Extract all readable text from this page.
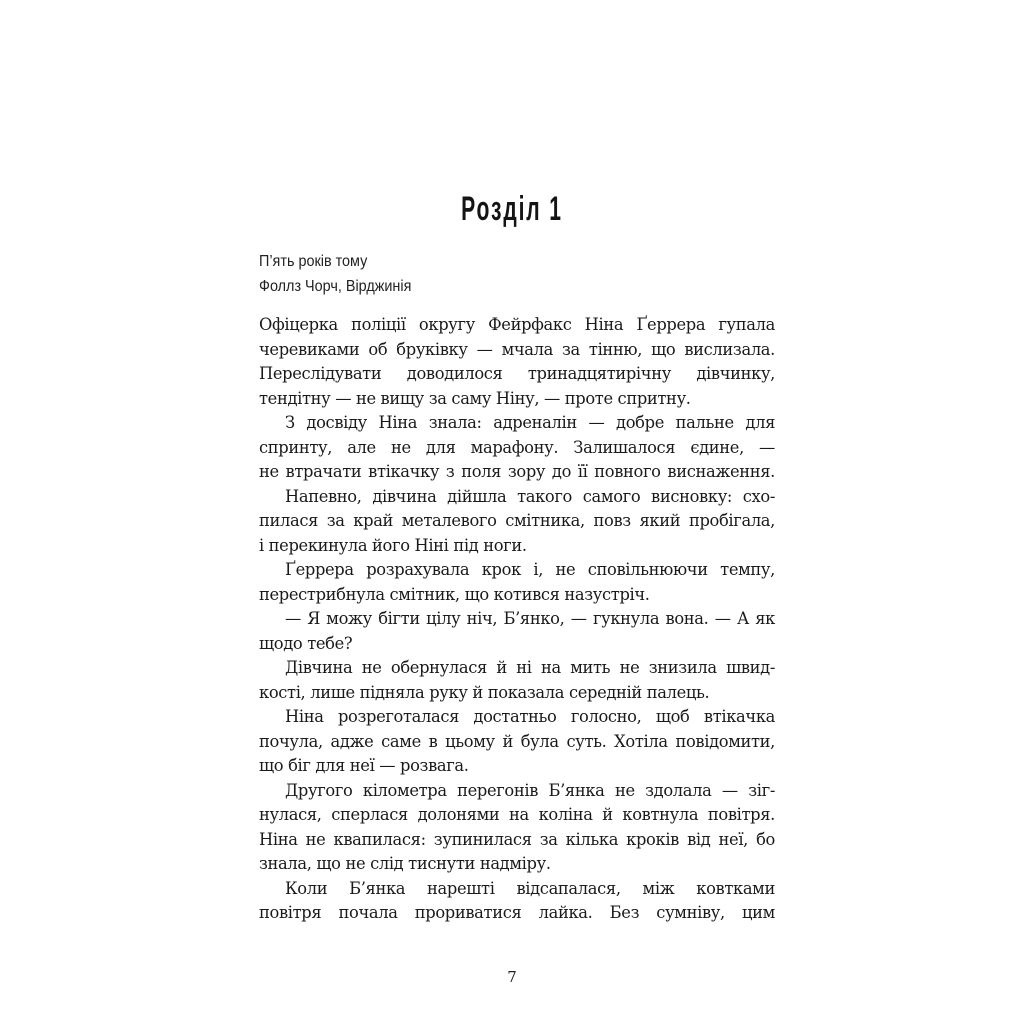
Розділ 1
П’ять років тому
Фоллз Чорч, Вірджинія
Офіцерка поліції округу Фейрфакс Ніна Ґеррера гупала
черевиками об бруківку — мчала за тінню, що вислизала.
Переслідувати доводилося тринадцятирічну дівчинку,
тендітну — не вищу за саму Ніну, — проте спритну.
З досвіду Ніна знала: адреналін — добре пальне для
спринту, але не для марафону. Залишалося єдине, —
не втрачати втікачку з поля зору до її повного виснаження.
Напевно, дівчина дійшла такого самого висновку: схо-
пилася за край металевого смітника, повз який пробігала,
і перекинула його Ніні під ноги.
Ґеррера розрахувала крок і, не сповільнюючи темпу,
перестрибнула смітник, що котився назустріч.
— Я можу бігти цілу ніч, Б’янко, — гукнула вона. — А як
щодо тебе?
Дівчина не обернулася й ні на мить не знизила швид-
кості, лише підняла руку й показала середній палець.
Ніна розреготалася достатньо голосно, щоб втікачка
почула, адже саме в цьому й була суть. Хотіла повідомити,
що біг для неї — розвага.
Другого кілометра перегонів Б’янка не здолала — зіг-
нулася, сперлася долонями на коліна й ковтнула повітря.
Ніна не квапилася: зупинилася за кілька кроків від неї, бо
знала, що не слід тиснути надміру.
Коли Б’янка нарешті відсапалася, між ковтками
повітря почала прориватися лайка. Без сумніву, цим
7
